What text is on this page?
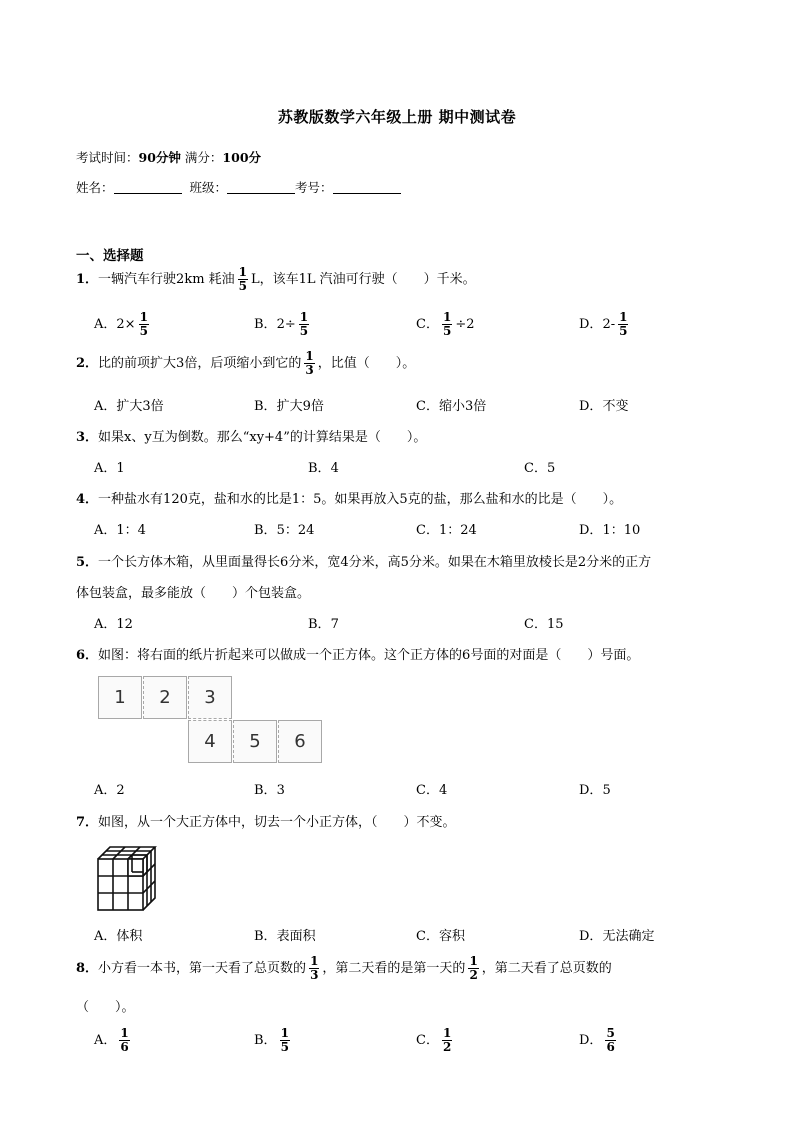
苏教版数学六年级上册 期中测试卷
考试时间：90分钟 满分：100分
姓名：	班级：	考号：
一、选择题
1．一辆汽车行驶2km 耗油 $\frac{1}{5}$ L，该车1L 汽油可行驶（　　）千米。
A．$2\times \frac{1}{5}$	B．$2\div \frac{1}{5}$	C． $\frac{1}{5} \div 2$	D．$2- \frac{1}{5}$
2．比的前项扩大3倍，后项缩小到它的 $\frac{1}{3}$ ，比值（　　）。
A．扩大3倍	B．扩大9倍	C．缩小3倍	D．不变
3．如果x、y互为倒数。那么“xy+4”的计算结果是（　　）。
A．1	B．4	C．5
4．一种盐水有120克，盐和水的比是1：5。如果再放入5克的盐，那么盐和水的比是（　　）。
A．1：4	B．5：24	C．1：24	D．1：10
5．一个长方体木箱，从里面量得长6分米，宽4分米，高5分米。如果在木箱里放棱长是2分米的正方
体包装盒，最多能放（　　）个包装盒。
A．12	B．7	C．15
6．如图：将右面的纸片折起来可以做成一个正方体。这个正方体的6号面的对面是（　　）号面。
1	2	3
4	5	6
A．2	B．3	C．4	D．5
7．如图，从一个大正方体中，切去一个小正方体，（　　）不变。
A．体积	B．表面积	C．容积	D．无法确定
8．小方看一本书，第一天看了总页数的 $\frac{1}{3}$ ，第二天看的是第一天的 $\frac{1}{2}$ ，第二天看了总页数的
（　　）。
A． $\frac{1}{6}$	B． $\frac{1}{5}$	C． $\frac{1}{2}$	D． $\frac{5}{6}$
